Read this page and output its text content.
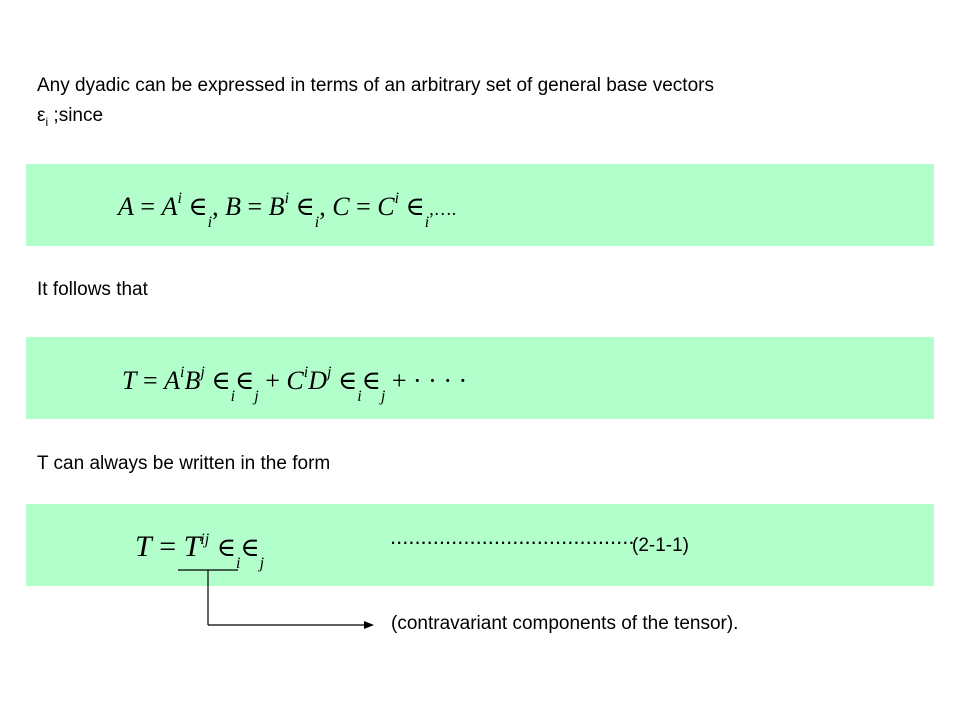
Any dyadic can be expressed in terms of an arbitrary set of general base vectors
$\varepsilon_i$ ;since
$A = A^i$ $\in_i$, $B = B^i$ $\in_i$, $C = C^i$ $\in_i,\dots$.
It follows that
$T = A^iB^j$ $\in_i\in_j + C^iD^j$ $\in_i\in_j$ + · · · ·
T can always be written in the form
$T = T^{ij}$ $\in_i\in_j$
........................................
(2-1-1)
(contravariant components of the tensor).
